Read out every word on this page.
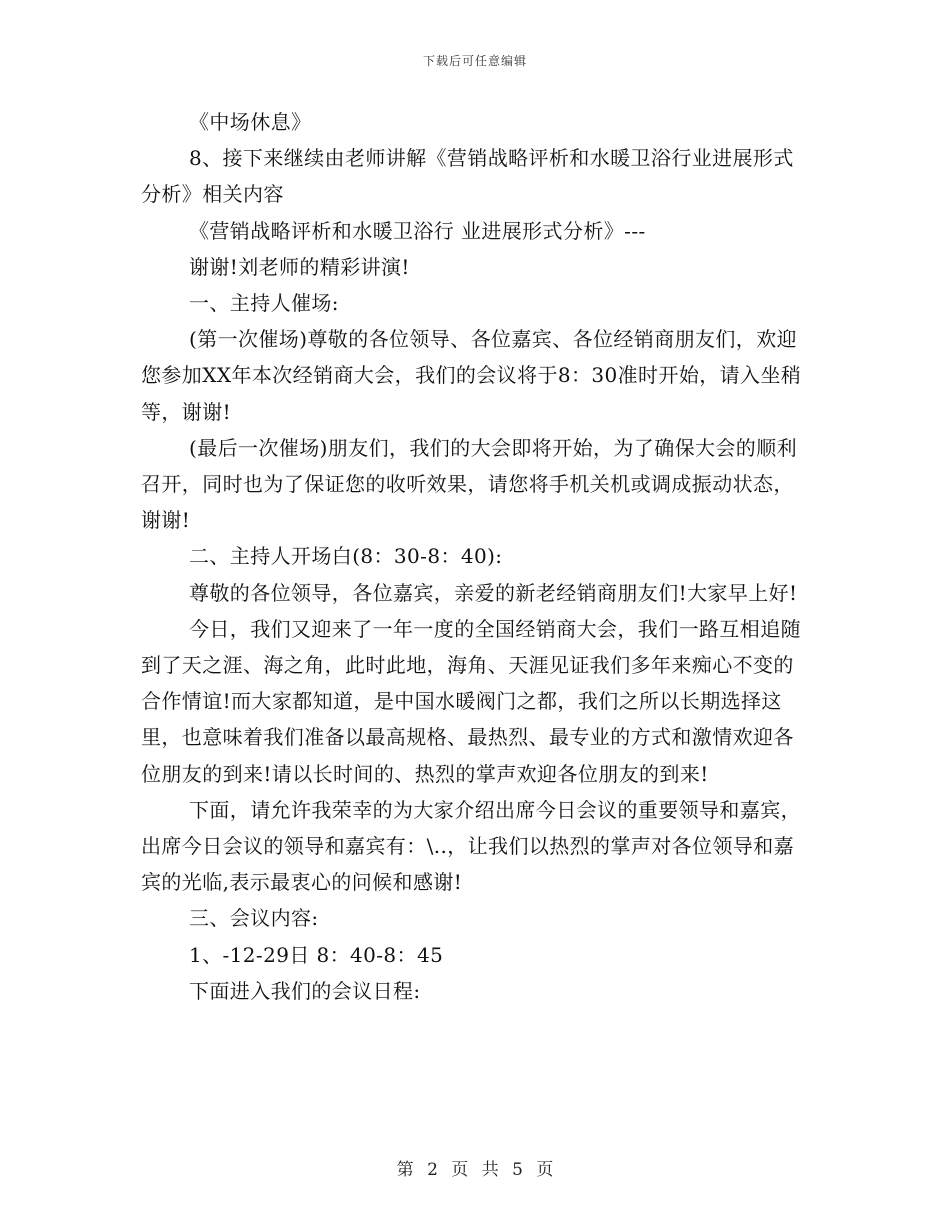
下载后可任意编辑

《中场休息》

8、接下来继续由老师讲解《营销战略评析和水暖卫浴行业进展形式分析》相关内容

《营销战略评析和水暖卫浴行 业进展形式分析》---

谢谢!刘老师的精彩讲演!

一、主持人催场:

(第一次催场)尊敬的各位领导、各位嘉宾、各位经销商朋友们，欢迎您参加XX年本次经销商大会，我们的会议将于8：30准时开始，请入坐稍等，谢谢!

(最后一次催场)朋友们，我们的大会即将开始，为了确保大会的顺利召开，同时也为了保证您的收听效果，请您将手机关机或调成振动状态，谢谢!

二、主持人开场白(8：30-8：40):

尊敬的各位领导，各位嘉宾，亲爱的新老经销商朋友们!大家早上好!

今日，我们又迎来了一年一度的全国经销商大会，我们一路互相追随到了天之涯、海之角，此时此地，海角、天涯见证我们多年来痴心不变的合作情谊!而大家都知道，是中国水暖阀门之都，我们之所以长期选择这里，也意味着我们准备以最高规格、最热烈、最专业的方式和激情欢迎各位朋友的到来!请以长时间的、热烈的掌声欢迎各位朋友的到来!

下面，请允许我荣幸的为大家介绍出席今日会议的重要领导和嘉宾，出席今日会议的领导和嘉宾有：\..，让我们以热烈的掌声对各位领导和嘉宾的光临,表示最衷心的问候和感谢!

三、会议内容:

1、-12-29日 8：40-8：45

下面进入我们的会议日程:

第 2 页 共 5 页
